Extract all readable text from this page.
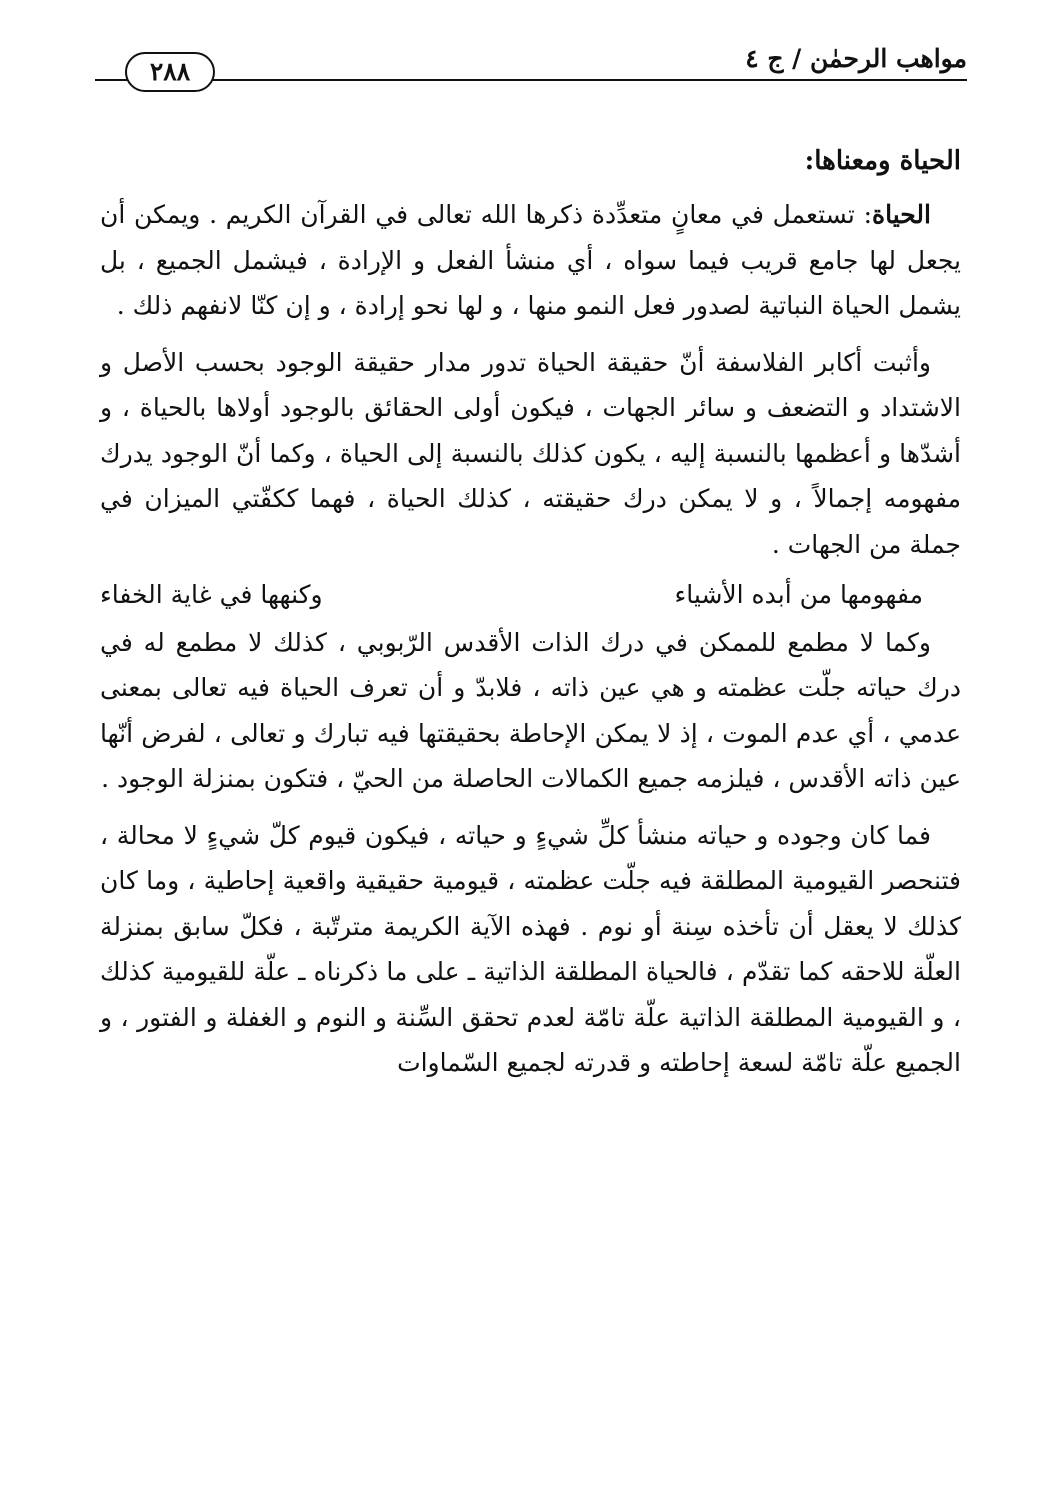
مواهب الرحمٰن / ج ٤
٢٨٨
الحياة ومعناها:

الحياة: تستعمل في معانٍ متعدِّدة ذكرها الله تعالى في القرآن الكريم . ويمكن أن يجعل لها جامع قريب فيما سواه ، أي منشأ الفعل و الإرادة ، فيشمل الجميع ، بل يشمل الحياة النباتية لصدور فعل النمو منها ، و لها نحو إرادة ، و إن كنّا لانفهم ذلك .

وأثبت أكابر الفلاسفة أنّ حقيقة الحياة تدور مدار حقيقة الوجود بحسب الأصل و الاشتداد و التضعف و سائر الجهات ، فيكون أولى الحقائق بالوجود أولاها بالحياة ، و أشدّها و أعظمها بالنسبة إليه ، يكون كذلك بالنسبة إلى الحياة ، وكما أنّ الوجود يدرك مفهومه إجمالاً ، و لا يمكن درك حقيقته ، كذلك الحياة ، فهما ككفّتي الميزان في جملة من الجهات .

مفهومها من أبده الأشياء
وكنهها في غاية الخفاء

وكما لا مطمع للممكن في درك الذات الأقدس الرّبوبي ، كذلك لا مطمع له في درك حياته جلّت عظمته و هي عين ذاته ، فلابدّ و أن تعرف الحياة فيه تعالى بمعنى عدمي ، أي عدم الموت ، إذ لا يمكن الإحاطة بحقيقتها فيه تبارك و تعالى ، لفرض أنّها عين ذاته الأقدس ، فيلزمه جميع الكمالات الحاصلة من الحيّ ، فتكون بمنزلة الوجود .

فما كان وجوده و حياته منشأ كلِّ شيءٍ و حياته ، فيكون قيوم كلّ شيءٍ لا محالة ، فتنحصر القيومية المطلقة فيه جلّت عظمته ، قيومية حقيقية واقعية إحاطية ، وما كان كذلك لا يعقل أن تأخذه سِنة أو نوم . فهذه الآية الكريمة مترتّبة ، فكلّ سابق بمنزلة العلّة للاحقه كما تقدّم ، فالحياة المطلقة الذاتية ـ على ما ذكرناه ـ علّة للقيومية كذلك ، و القيومية المطلقة الذاتية علّة تامّة لعدم تحقق السِّنة و النوم و الغفلة و الفتور ، و الجميع علّة تامّة لسعة إحاطته و قدرته لجميع السّماوات
